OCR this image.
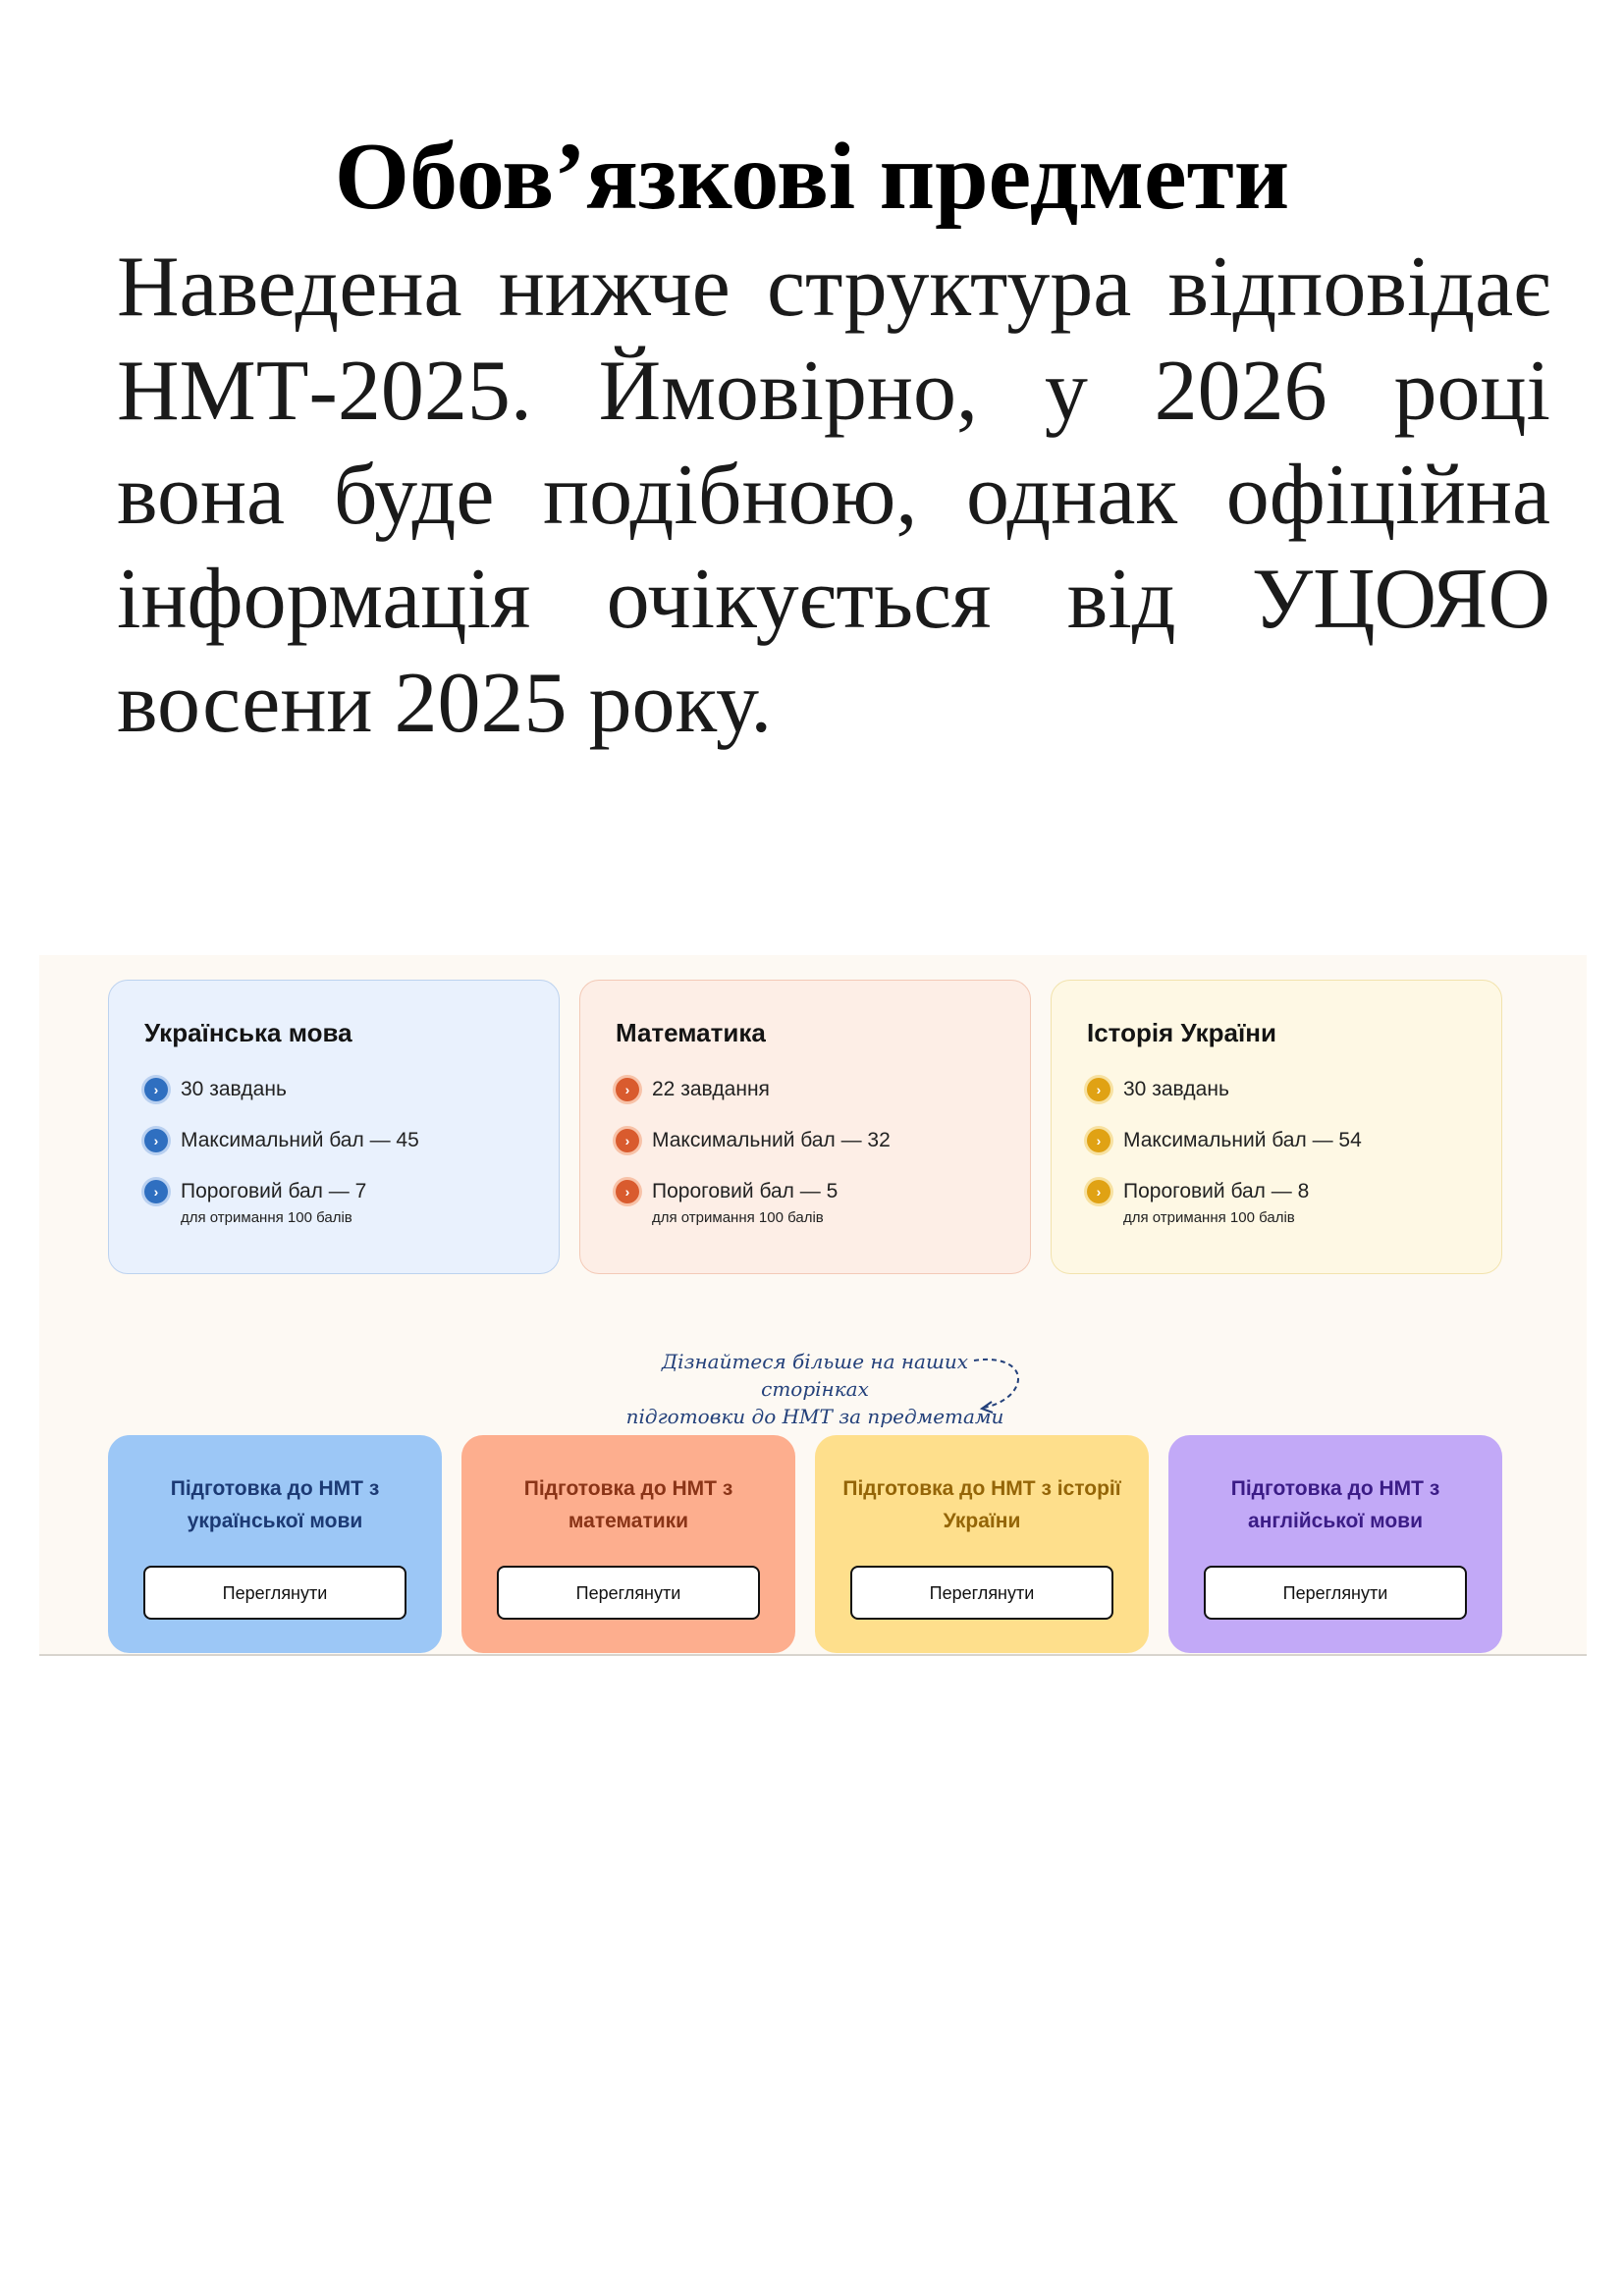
Обов’язкові предмети

Наведена нижче структура відповідає НМТ-2025. Ймовірно, у 2026 році вона буде подібною, однак офіційна інформація очікується від УЦОЯО восени 2025 року.

Українська мова
›	30 завдань
›	Максимальний бал — 45
›	Пороговий бал — 7
для отримання 100 балів
Математика
›	22 завдання
›	Максимальний бал — 32
›	Пороговий бал — 5
для отримання 100 балів
Історія України
›	30 завдань
›	Максимальний бал — 54
›	Пороговий бал — 8
для отримання 100 балів
Дізнайтеся більше на наших сторінках
підготовки до НМТ за предметами
Підготовка до НМТ з української мови
Переглянути
Підготовка до НМТ з математики
Переглянути
Підготовка до НМТ з історії України
Переглянути
Підготовка до НМТ з англійської мови
Переглянути
